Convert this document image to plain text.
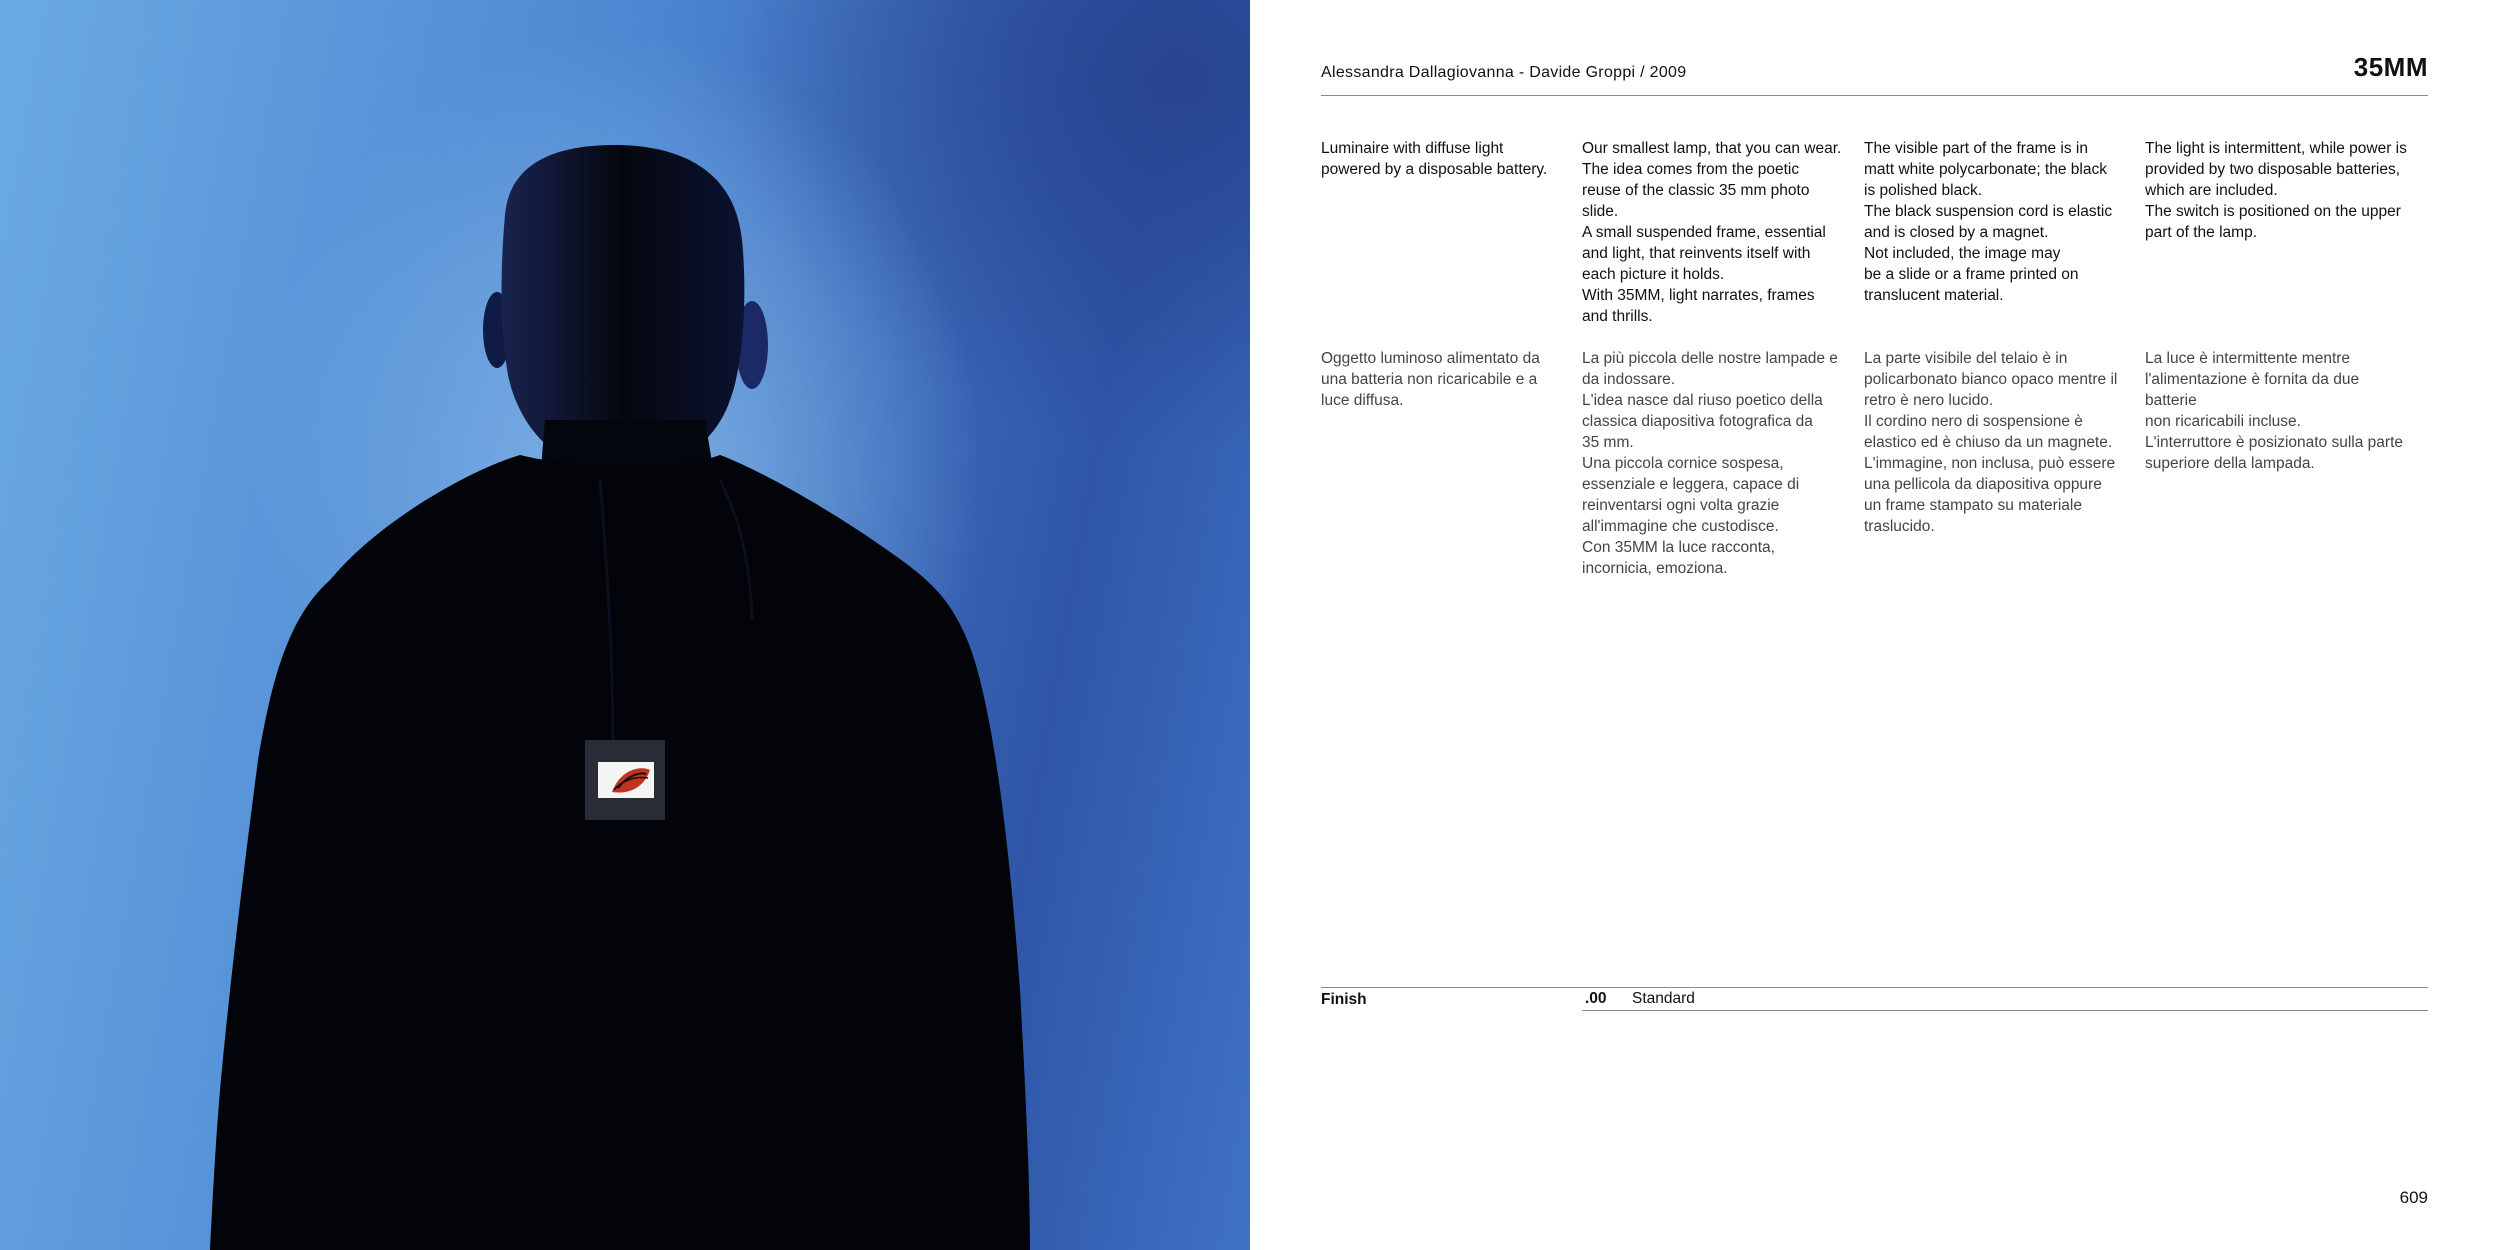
Alessandra Dallagiovanna - Davide Groppi / 2009	35MM

Luminaire with diffuse light
powered by a disposable battery.

Our smallest lamp, that you can wear.
The idea comes from the poetic
reuse of the classic 35 mm photo
slide.
A small suspended frame, essential
and light, that reinvents itself with
each picture it holds.
With 35MM, light narrates, frames
and thrills.

The visible part of the frame is in
matt white polycarbonate; the black
is polished black.
The black suspension cord is elastic
and is closed by a magnet.
Not included, the image may
be a slide or a frame printed on
translucent material.

The light is intermittent, while power is
provided by two disposable batteries,
which are included.
The switch is positioned on the upper
part of the lamp.

Oggetto luminoso alimentato da
una batteria non ricaricabile e a
luce diffusa.

La più piccola delle nostre lampade e
da indossare.
L'idea nasce dal riuso poetico della
classica diapositiva fotografica da
35 mm.
Una piccola cornice sospesa,
essenziale e leggera, capace di
reinventarsi ogni volta grazie
all'immagine che custodisce.
Con 35MM la luce racconta,
incornicia, emoziona.

La parte visibile del telaio è in
policarbonato bianco opaco mentre il
retro è nero lucido.
Il cordino nero di sospensione è
elastico ed è chiuso da un magnete.
L'immagine, non inclusa, può essere
una pellicola da diapositiva oppure
un frame stampato su materiale
traslucido.

La luce è intermittente mentre
l'alimentazione è fornita da due batterie
non ricaricabili incluse.
L'interruttore è posizionato sulla parte
superiore della lampada.

Finish	.00 Standard
609
